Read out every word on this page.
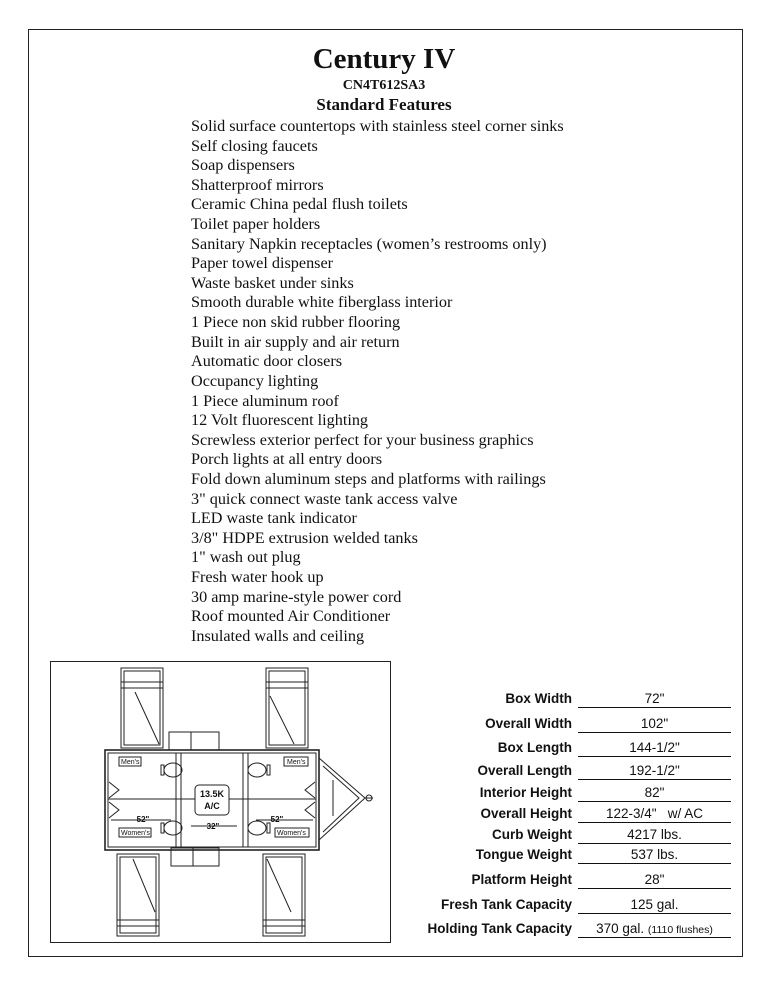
Century IV
CN4T612SA3
Standard Features
Solid surface countertops with stainless steel corner sinks
Self closing faucets
Soap dispensers
Shatterproof mirrors
Ceramic China pedal flush toilets
Toilet paper holders
Sanitary Napkin receptacles (women’s restrooms only)
Paper towel dispenser
Waste basket under sinks
Smooth durable white fiberglass interior
1 Piece non skid rubber flooring
Built in air supply and air return
Automatic door closers
Occupancy lighting
1 Piece aluminum roof
12 Volt fluorescent lighting
Screwless exterior perfect for your business graphics
Porch lights at all entry doors
Fold down aluminum steps and platforms with railings
3" quick connect waste tank access valve
LED waste tank indicator
3/8" HDPE extrusion welded tanks
1" wash out plug
Fresh water hook up
30 amp marine-style power cord
Roof mounted Air Conditioner
Insulated walls and ceiling
Men's	Men's
Women's	Women's
13.5K
A/C
52"	52"
32"
Box Width	72"
Overall Width	102"
Box Length	144-1/2"
Overall Length	192-1/2"
Interior Height	82"
Overall Height	122-3/4"   w/ AC
Curb Weight	4217 lbs.
Tongue Weight	537 lbs.
Platform Height	28"
Fresh Tank Capacity	125 gal.
Holding Tank Capacity	370 gal. (1110 flushes)
